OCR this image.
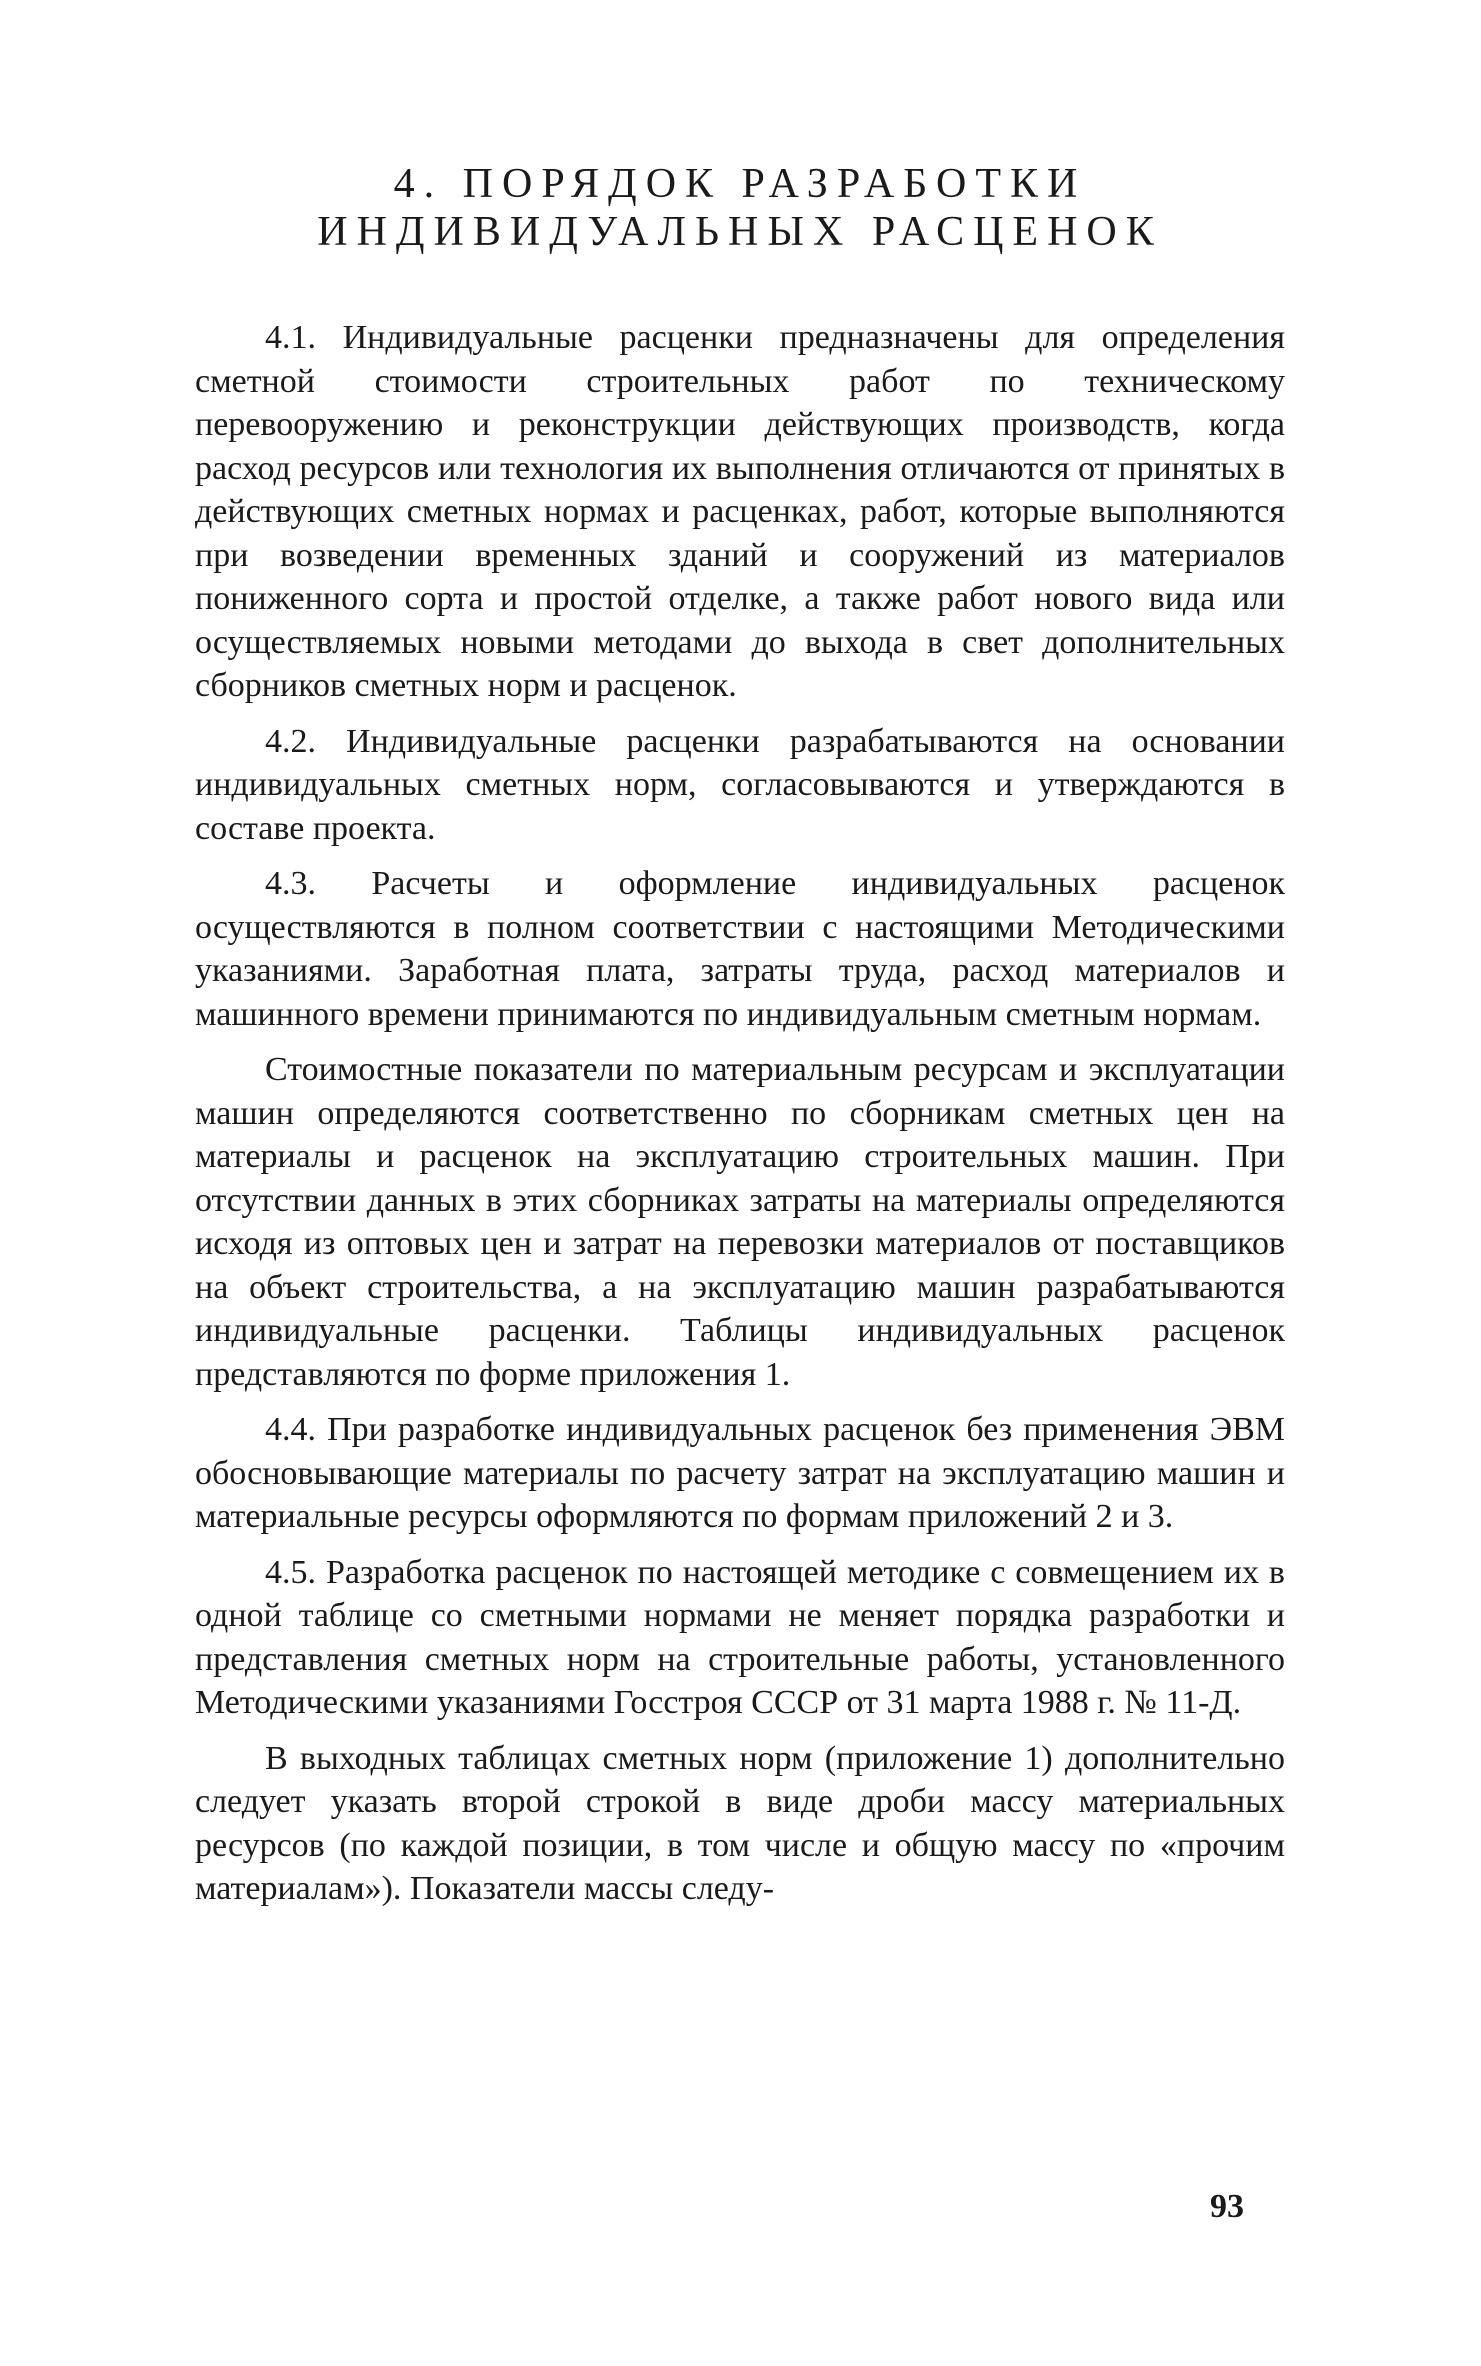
4. ПОРЯДОК РАЗРАБОТКИ
ИНДИВИДУАЛЬНЫХ РАСЦЕНОК

4.1. Индивидуальные расценки предназначены для определения сметной стоимости строительных работ по техническому перевооружению и реконструкции действующих производств, когда расход ресурсов или технология их выполнения отличаются от принятых в действующих сметных нормах и расценках, работ, которые выполняются при возведении временных зданий и сооружений из материалов пониженного сорта и простой отделке, а также работ нового вида или осуществляемых новыми методами до выхода в свет дополнительных сборников сметных норм и расценок.

4.2. Индивидуальные расценки разрабатываются на основании индивидуальных сметных норм, согласовываются и утверждаются в составе проекта.

4.3. Расчеты и оформление индивидуальных расценок осуществляются в полном соответствии с настоящими Методическими указаниями. Заработная плата, затраты труда, расход материалов и машинного времени принимаются по индивидуальным сметным нормам.

Стоимостные показатели по материальным ресурсам и эксплуатации машин определяются соответственно по сборникам сметных цен на материалы и расценок на эксплуатацию строительных машин. При отсутствии данных в этих сборниках затраты на материалы определяются исходя из оптовых цен и затрат на перевозки материалов от поставщиков на объект строительства, а на эксплуатацию машин разрабатываются индивидуальные расценки. Таблицы индивидуальных расценок представляются по форме приложения 1.

4.4. При разработке индивидуальных расценок без применения ЭВМ обосновывающие материалы по расчету затрат на эксплуатацию машин и материальные ресурсы оформляются по формам приложений 2 и 3.

4.5. Разработка расценок по настоящей методике с совмещением их в одной таблице со сметными нормами не меняет порядка разработки и представления сметных норм на строительные работы, установленного Методическими указаниями Госстроя СССР от 31 марта 1988 г. № 11-Д.

В выходных таблицах сметных норм (приложение 1) дополнительно следует указать второй строкой в виде дроби массу материальных ресурсов (по каждой позиции, в том числе и общую массу по «прочим материалам»). Показатели массы следу-

93
